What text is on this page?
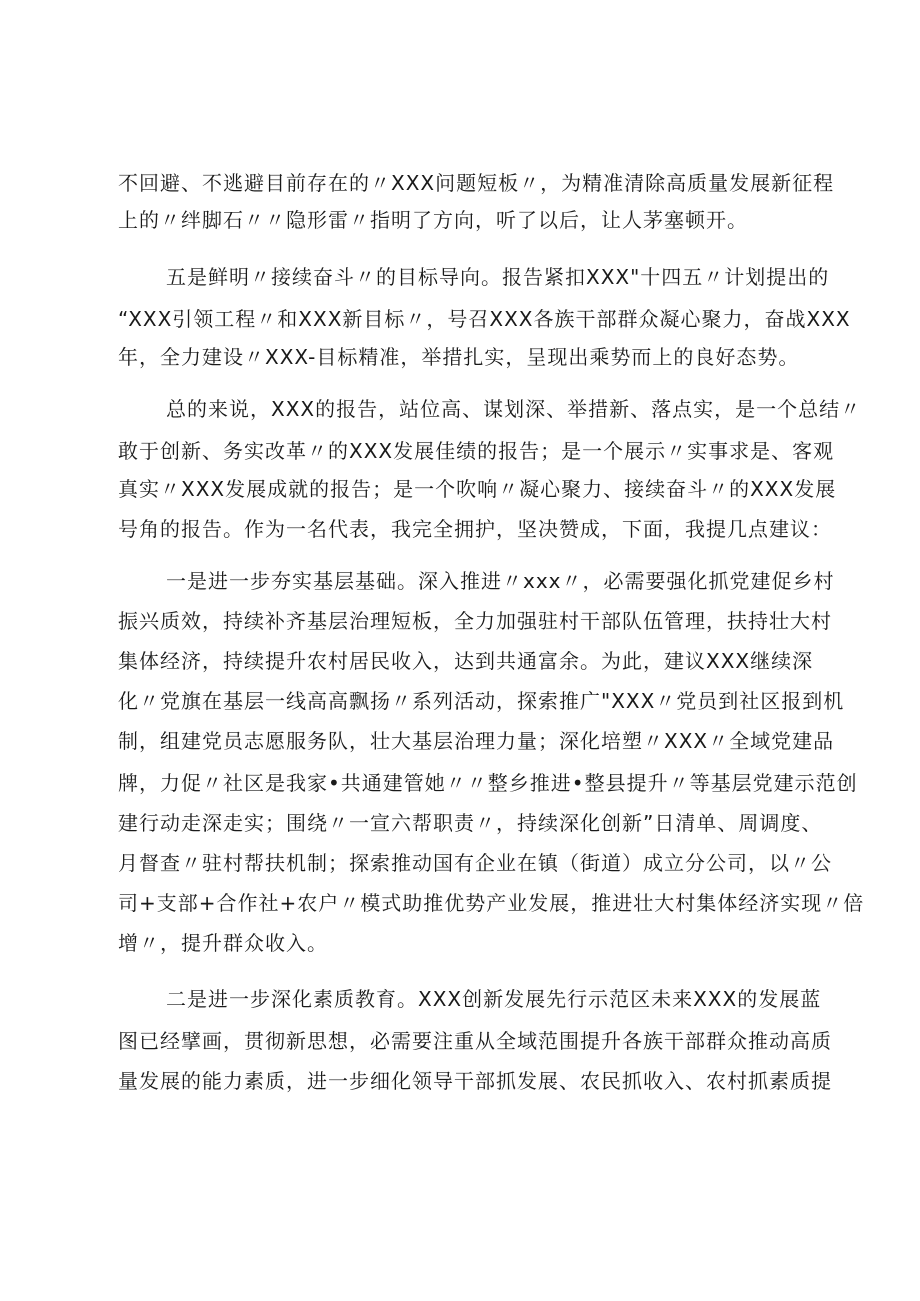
不回避、不逃避目前存在的〃XXX问题短板〃，为精准清除高质量发展新征程
上的〃绊脚石〃〃隐形雷〃指明了方向，听了以后，让人茅塞顿开。
五是鲜明〃接续奋斗〃的目标导向。报告紧扣XXX"十四五〃计划提出的
“XXX引领工程〃和XXX新目标〃，号召XXX各族干部群众凝心聚力，奋战XXX
年，全力建设〃XXX-目标精准，举措扎实，呈现出乘势而上的良好态势。
总的来说，XXX的报告，站位高、谋划深、举措新、落点实，是一个总结〃
敢于创新、务实改革〃的XXX发展佳绩的报告；是一个展示〃实事求是、客观
真实〃XXX发展成就的报告；是一个吹响〃凝心聚力、接续奋斗〃的XXX发展
号角的报告。作为一名代表，我完全拥护，坚决赞成，下面，我提几点建议：
一是进一步夯实基层基础。深入推进〃xxx〃，必需要强化抓党建促乡村
振兴质效，持续补齐基层治理短板，全力加强驻村干部队伍管理，扶持壮大村
集体经济，持续提升农村居民收入，达到共通富余。为此，建议XXX继续深
化〃党旗在基层一线高高飘扬〃系列活动，探索推广"XXX〃党员到社区报到机
制，组建党员志愿服务队，壮大基层治理力量；深化培塑〃XXX〃全域党建品
牌，力促〃社区是我家•共通建管她〃〃整乡推进•整县提升〃等基层党建示范创
建行动走深走实；围绕〃一宣六帮职责〃，持续深化创新”日清单、周调度、
月督查〃驻村帮扶机制；探索推动国有企业在镇（街道）成立分公司，以〃公
司+支部+合作社+农户〃模式助推优势产业发展，推进壮大村集体经济实现〃倍
增〃，提升群众收入。
二是进一步深化素质教育。XXX创新发展先行示范区未来XXX的发展蓝
图已经擘画，贯彻新思想，必需要注重从全域范围提升各族干部群众推动高质
量发展的能力素质，进一步细化领导干部抓发展、农民抓收入、农村抓素质提
